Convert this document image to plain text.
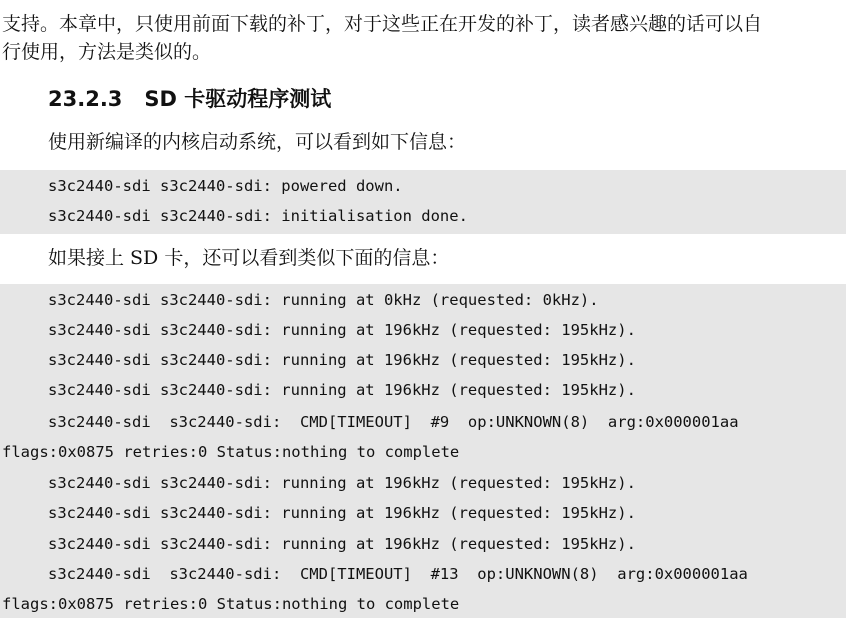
支持。本章中，只使用前面下载的补丁，对于这些正在开发的补丁，读者感兴趣的话可以自

行使用，方法是类似的。

23.2.3 SD 卡驱动程序测试

使用新编译的内核启动系统，可以看到如下信息：

s3c2440-sdi s3c2440-sdi: powered down.
s3c2440-sdi s3c2440-sdi: initialisation done.

如果接上 SD 卡，还可以看到类似下面的信息：

s3c2440-sdi s3c2440-sdi: running at 0kHz (requested: 0kHz).
s3c2440-sdi s3c2440-sdi: running at 196kHz (requested: 195kHz).
s3c2440-sdi s3c2440-sdi: running at 196kHz (requested: 195kHz).
s3c2440-sdi s3c2440-sdi: running at 196kHz (requested: 195kHz).
s3c2440-sdi  s3c2440-sdi:  CMD[TIMEOUT]  #9  op:UNKNOWN(8)  arg:0x000001aa
flags:0x0875 retries:0 Status:nothing to complete
s3c2440-sdi s3c2440-sdi: running at 196kHz (requested: 195kHz).
s3c2440-sdi s3c2440-sdi: running at 196kHz (requested: 195kHz).
s3c2440-sdi s3c2440-sdi: running at 196kHz (requested: 195kHz).
s3c2440-sdi  s3c2440-sdi:  CMD[TIMEOUT]  #13  op:UNKNOWN(8)  arg:0x000001aa
flags:0x0875 retries:0 Status:nothing to complete
